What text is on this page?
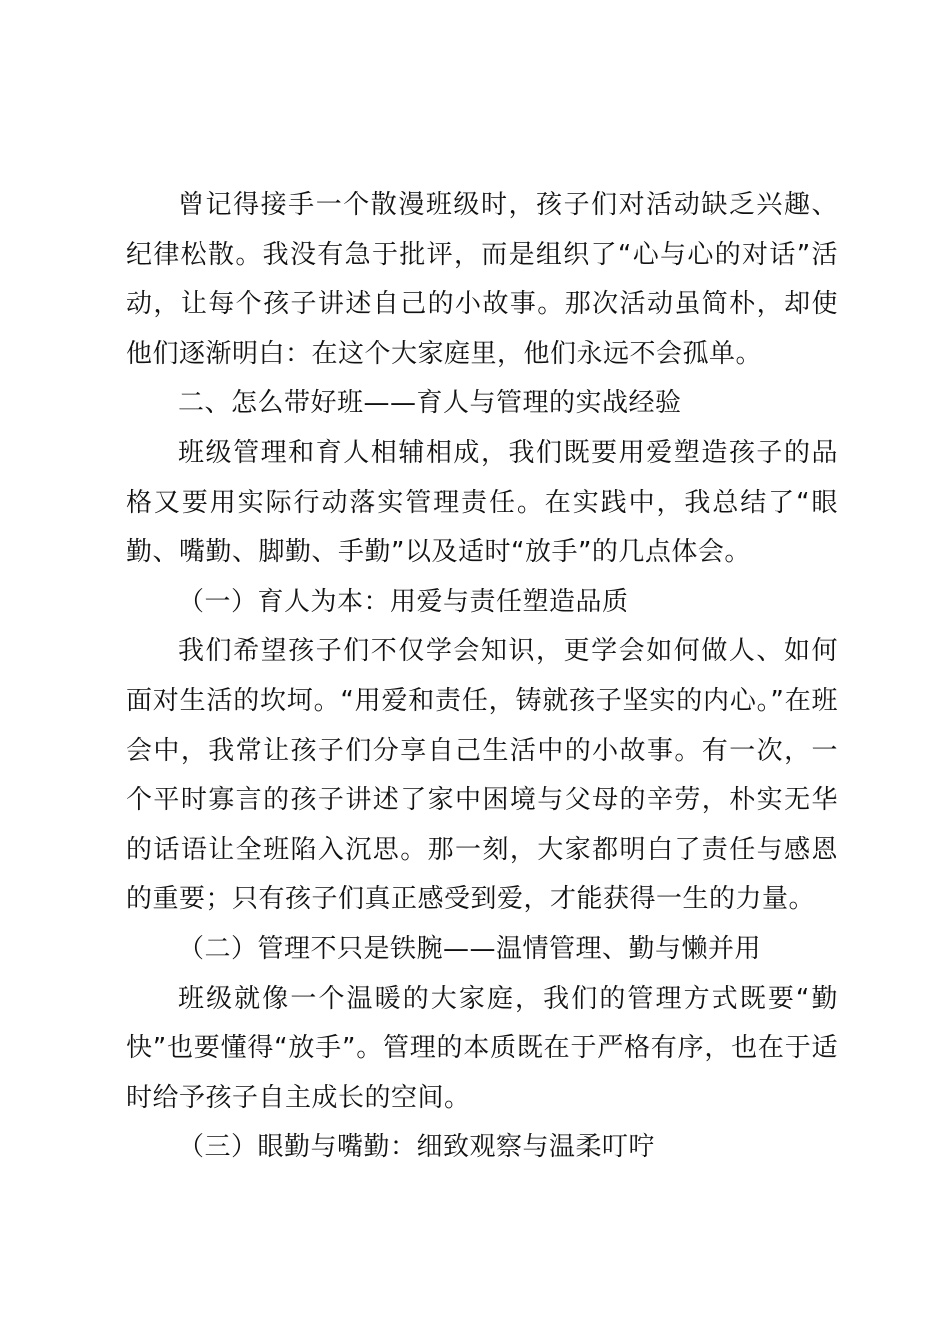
曾记得接手一个散漫班级时，孩子们对活动缺乏兴趣、纪律松散。我没有急于批评，而是组织了“心与心的对话”活动，让每个孩子讲述自己的小故事。那次活动虽简朴，却使他们逐渐明白：在这个大家庭里，他们永远不会孤单。

二、怎么带好班——育人与管理的实战经验

班级管理和育人相辅相成，我们既要用爱塑造孩子的品格又要用实际行动落实管理责任。在实践中，我总结了“眼勤、嘴勤、脚勤、手勤”以及适时“放手”的几点体会。

（一）育人为本：用爱与责任塑造品质

我们希望孩子们不仅学会知识，更学会如何做人、如何面对生活的坎坷。“用爱和责任，铸就孩子坚实的内心。”在班会中，我常让孩子们分享自己生活中的小故事。有一次，一个平时寡言的孩子讲述了家中困境与父母的辛劳，朴实无华的话语让全班陷入沉思。那一刻，大家都明白了责任与感恩的重要；只有孩子们真正感受到爱，才能获得一生的力量。

（二）管理不只是铁腕——温情管理、勤与懒并用

班级就像一个温暖的大家庭，我们的管理方式既要“勤快”也要懂得“放手”。管理的本质既在于严格有序，也在于适时给予孩子自主成长的空间。

（三）眼勤与嘴勤：细致观察与温柔叮咛
